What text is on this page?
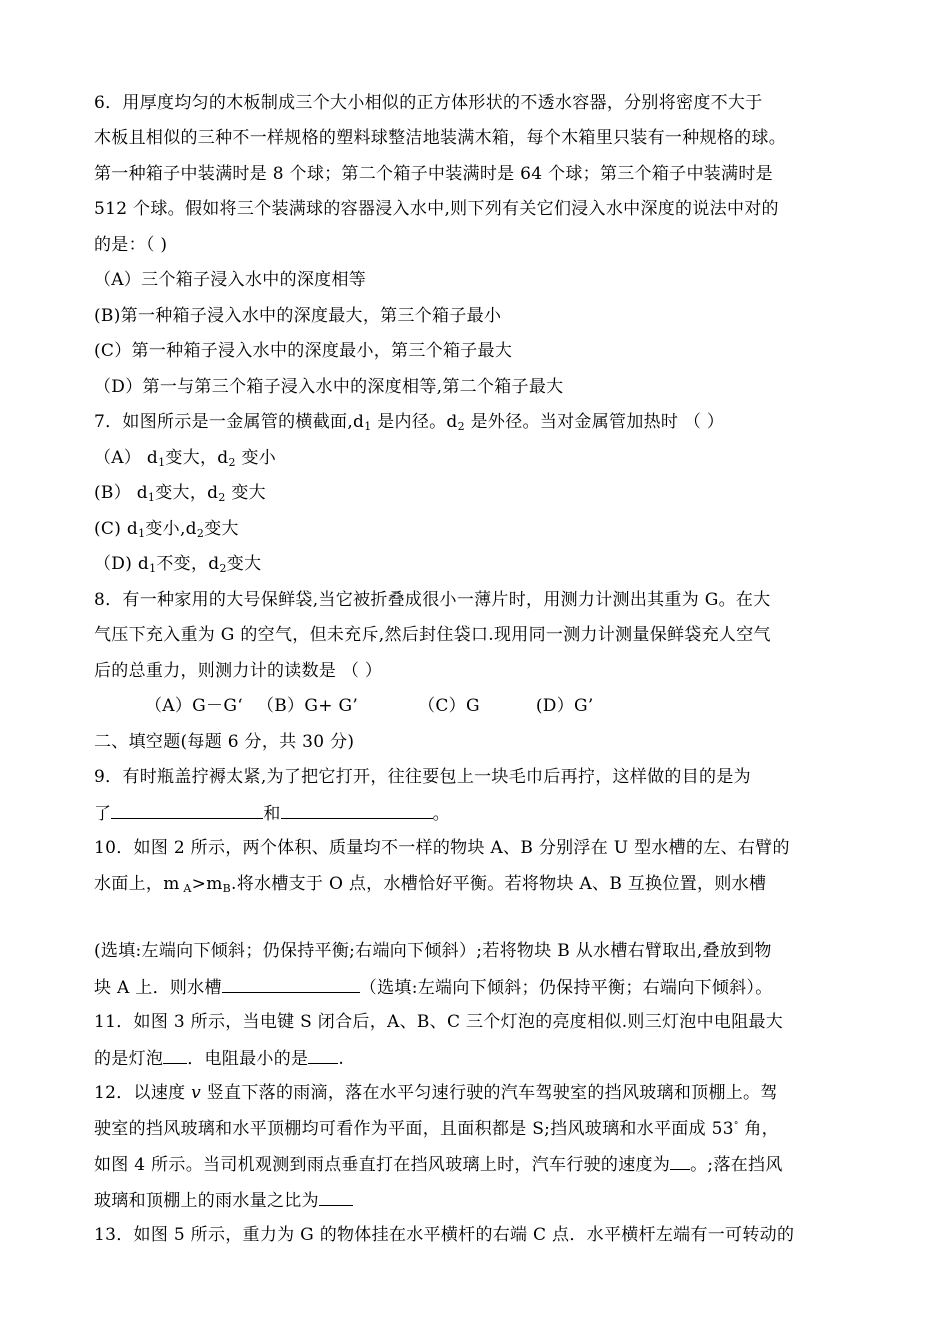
6．用厚度均匀的木板制成三个大小相似的正方体形状的不透水容器，分别将密度不大于
木板且相似的三种不一样规格的塑料球整洁地装满木箱，每个木箱里只装有一种规格的球。
第一种箱子中装满时是 8 个球；第二个箱子中装满时是 64 个球；第三个箱子中装满时是
512 个球。假如将三个装满球的容器浸入水中,则下列有关它们浸入水中深度的说法中对的
的是：（ )
（A）三个箱子浸入水中的深度相等
(B)第一种箱子浸入水中的深度最大，第三个箱子最小
(C）第一种箱子浸入水中的深度最小，第三个箱子最大
（D）第一与第三个箱子浸入水中的深度相等,第二个箱子最大
7．如图所示是一金属管的横截面$,d_1$ 是内径。$d_2$ 是外径。当对金属管加热时 （ ）
（A） $d_1$变大，$d_2$ 变小
(B） $d_1$变大，$d_2$ 变大
(C) $d_1$变小$,d_2$变大
（D) $d_1$不变，$d_2$变大
8．有一种家用的大号保鲜袋,当它被折叠成很小一薄片时，用测力计测出其重为 G。在大
气压下充入重为 G 的空气，但未充斥,然后封住袋口.现用同一测力计测量保鲜袋充人空气
后的总重力，则测力计的读数是 （ ）
（A）G－G‘ （B）G+ G’	（C）G	(D）G’
二、填空题(每题 6 分，共 30 分)
9．有时瓶盖拧褥太紧,为了把它打开，往往要包上一块毛巾后再拧，这样做的目的是为
了	和	。
10．如图 2 所示，两个体积、质量均不一样的物块 A、B 分别浮在 U 型水槽的左、右臂的
水面上，m $_A>m_B$.将水槽支于 O 点，水槽恰好平衡。若将物块 A、B 互换位置，则水槽
(选填:左端向下倾斜；仍保持平衡;右端向下倾斜）;若将物块 B 从水槽右臂取出,叠放到物
块 A 上．则水槽	（选填:左端向下倾斜；仍保持平衡；右端向下倾斜）。
11．如图 3 所示，当电键 S 闭合后，A、B、C 三个灯泡的亮度相似.则三灯泡中电阻最大
的是灯泡 ．电阻最小的是 .
12．以速度 v 竖直下落的雨滴，落在水平匀速行驶的汽车驾驶室的挡风玻璃和顶棚上。驾
驶室的挡风玻璃和水平顶棚均可看作为平面，且面积都是 S;挡风玻璃和水平面成 53° 角，
如图 4 所示。当司机观测到雨点垂直打在挡风玻璃上时，汽车行驶的速度为 。;落在挡风
玻璃和顶棚上的雨水量之比为
13．如图 5 所示，重力为 G 的物体挂在水平横杆的右端 C 点．水平横杆左端有一可转动的
